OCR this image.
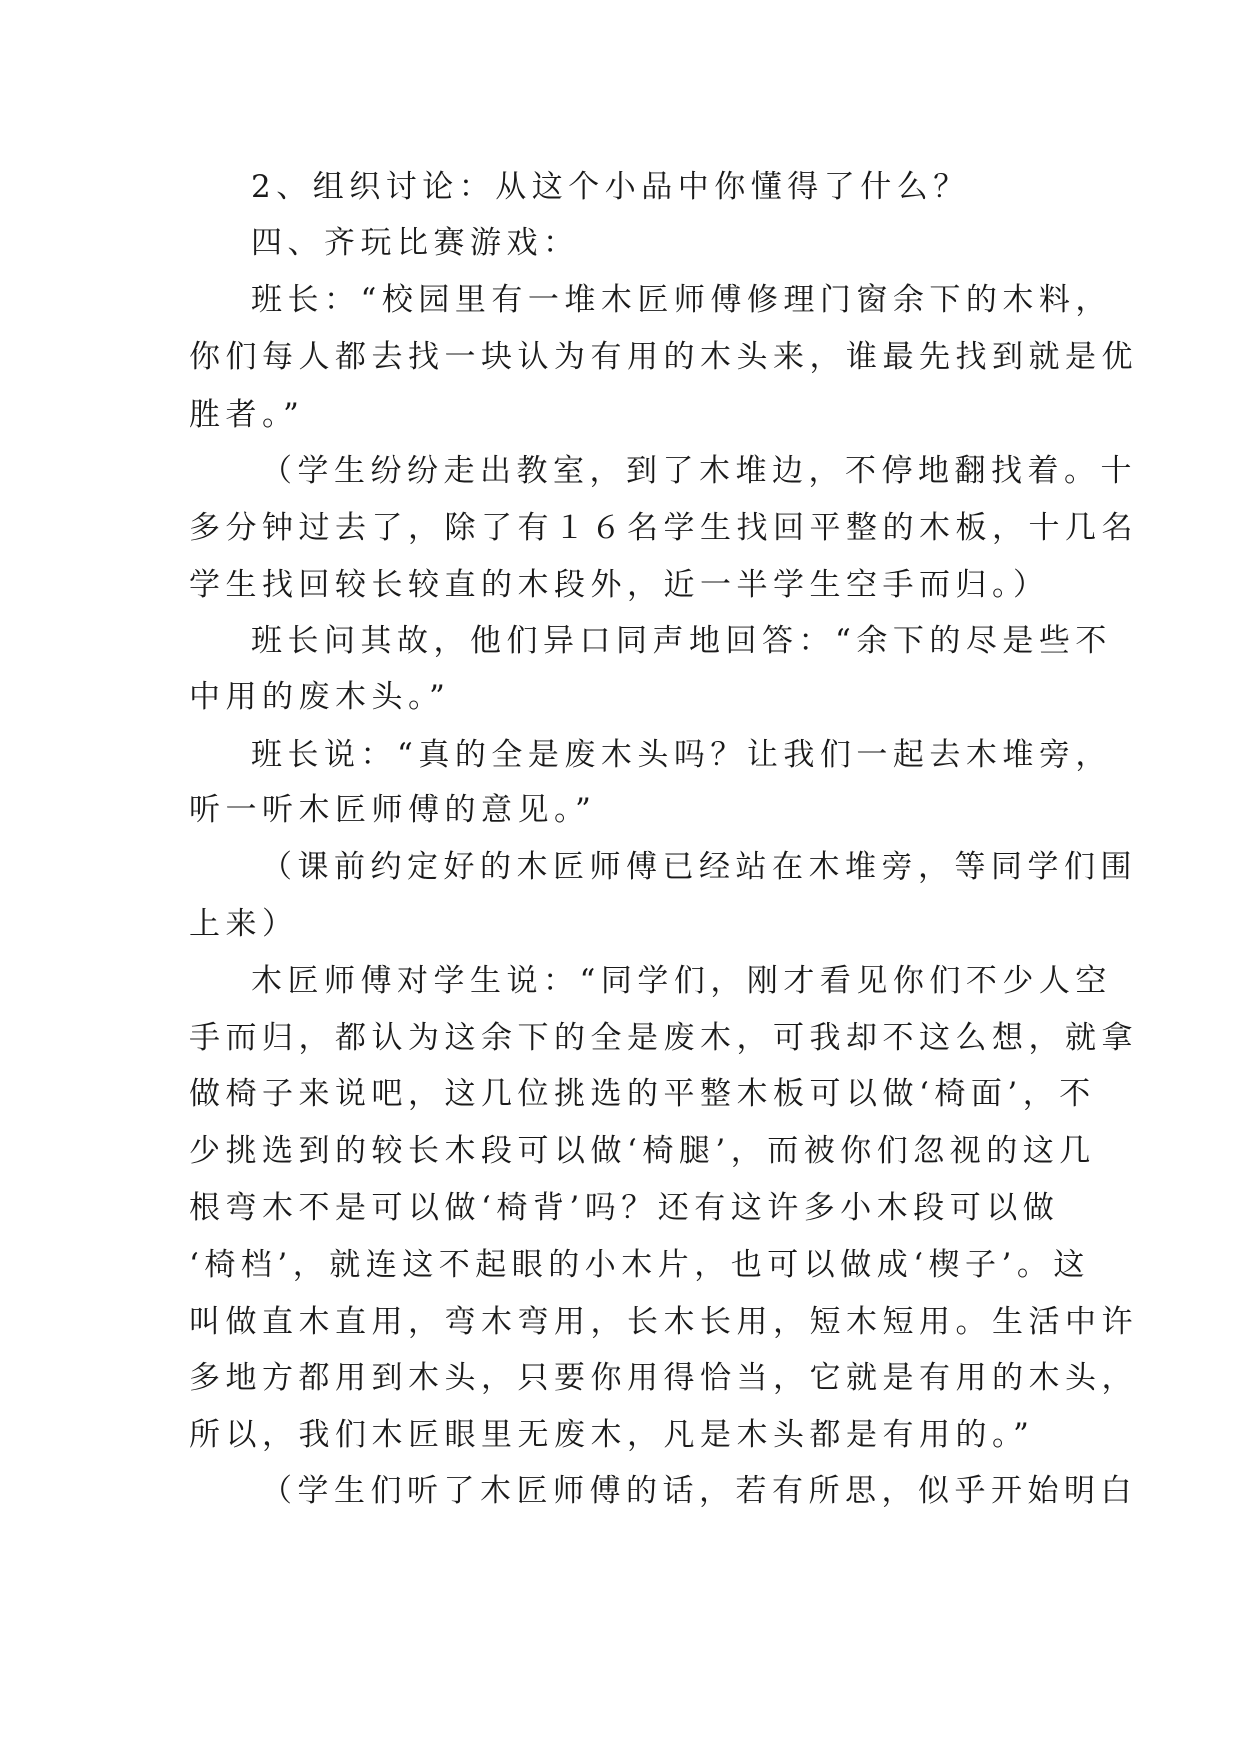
2、组织讨论：从这个小品中你懂得了什么？
四、齐玩比赛游戏：
班长：“校园里有一堆木匠师傅修理门窗余下的木料，
你们每人都去找一块认为有用的木头来，谁最先找到就是优
胜者。”
（学生纷纷走出教室，到了木堆边，不停地翻找着。十
多分钟过去了，除了有１６名学生找回平整的木板，十几名
学生找回较长较直的木段外，近一半学生空手而归。）
班长问其故，他们异口同声地回答：“余下的尽是些不
中用的废木头。”
班长说：“真的全是废木头吗？让我们一起去木堆旁，
听一听木匠师傅的意见。”
（课前约定好的木匠师傅已经站在木堆旁，等同学们围
上来）
木匠师傅对学生说：“同学们，刚才看见你们不少人空
手而归，都认为这余下的全是废木，可我却不这么想，就拿
做椅子来说吧，这几位挑选的平整木板可以做‘椅面’，不
少挑选到的较长木段可以做‘椅腿’，而被你们忽视的这几
根弯木不是可以做‘椅背’吗？还有这许多小木段可以做
‘椅档’，就连这不起眼的小木片，也可以做成‘楔子’。这
叫做直木直用，弯木弯用，长木长用，短木短用。生活中许
多地方都用到木头，只要你用得恰当，它就是有用的木头，
所以，我们木匠眼里无废木，凡是木头都是有用的。”
（学生们听了木匠师傅的话，若有所思，似乎开始明白
